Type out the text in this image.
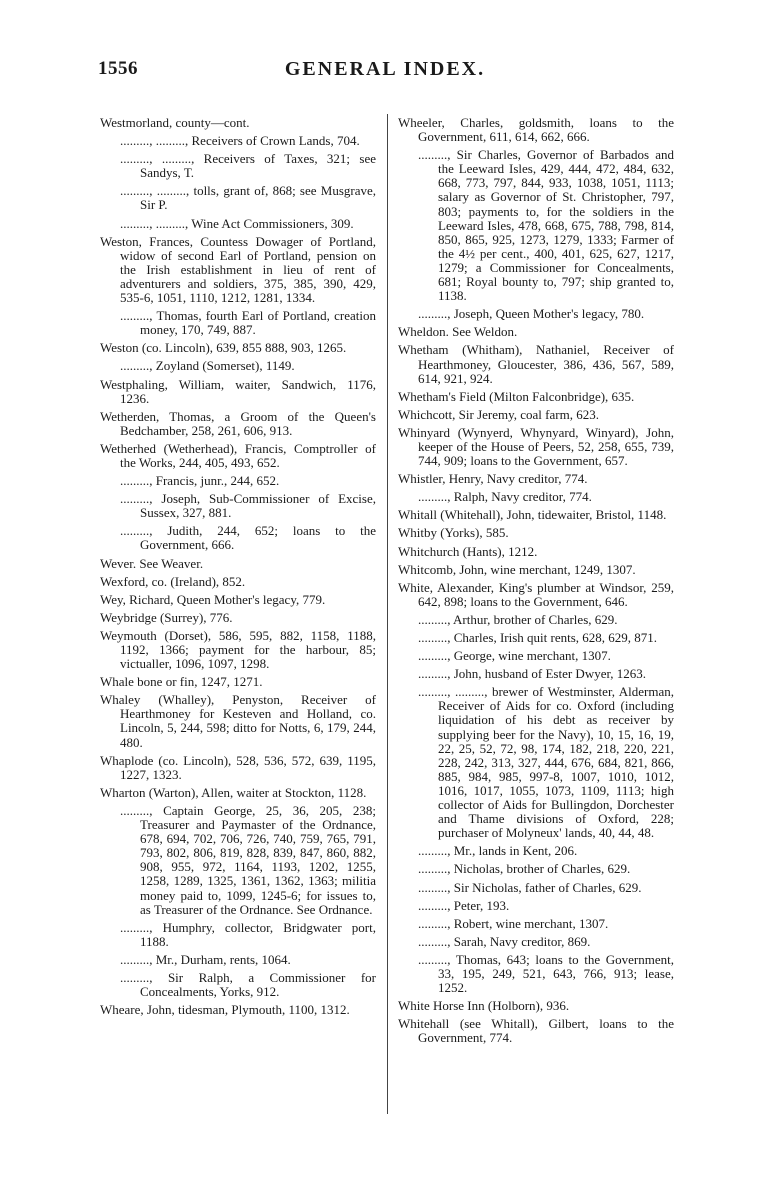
GENERAL INDEX.
1556

Westmorland, county—cont.

........., ........., Receivers of Crown Lands, 704.

........., ........., Receivers of Taxes, 321; see Sandys, T.

........., ........., tolls, grant of, 868; see Musgrave, Sir P.

........., ........., Wine Act Commissioners, 309.

Weston, Frances, Countess Dowager of Portland, widow of second Earl of Portland, pension on the Irish establishment in lieu of rent of adventurers and soldiers, 375, 385, 390, 429, 535-6, 1051, 1110, 1212, 1281, 1334.

........., Thomas, fourth Earl of Portland, creation money, 170, 749, 887.

Weston (co. Lincoln), 639, 855 888, 903, 1265.

........., Zoyland (Somerset), 1149.

Westphaling, William, waiter, Sandwich, 1176, 1236.

Wetherden, Thomas, a Groom of the Queen's Bedchamber, 258, 261, 606, 913.

Wetherhed (Wetherhead), Francis, Comptroller of the Works, 244, 405, 493, 652.

........., Francis, junr., 244, 652.

........., Joseph, Sub-Commissioner of Excise, Sussex, 327, 881.

........., Judith, 244, 652; loans to the Government, 666.

Wever. See Weaver.

Wexford, co. (Ireland), 852.

Wey, Richard, Queen Mother's legacy, 779.

Weybridge (Surrey), 776.

Weymouth (Dorset), 586, 595, 882, 1158, 1188, 1192, 1366; payment for the harbour, 85; victualler, 1096, 1097, 1298.

Whale bone or fin, 1247, 1271.

Whaley (Whalley), Penyston, Receiver of Hearthmoney for Kesteven and Holland, co. Lincoln, 5, 244, 598; ditto for Notts, 6, 179, 244, 480.

Whaplode (co. Lincoln), 528, 536, 572, 639, 1195, 1227, 1323.

Wharton (Warton), Allen, waiter at Stockton, 1128.

........., Captain George, 25, 36, 205, 238; Treasurer and Paymaster of the Ordnance, 678, 694, 702, 706, 726, 740, 759, 765, 791, 793, 802, 806, 819, 828, 839, 847, 860, 882, 908, 955, 972, 1164, 1193, 1202, 1255, 1258, 1289, 1325, 1361, 1362, 1363; militia money paid to, 1099, 1245-6; for issues to, as Treasurer of the Ordnance. See Ordnance.

........., Humphry, collector, Bridgwater port, 1188.

........., Mr., Durham, rents, 1064.

........., Sir Ralph, a Commissioner for Concealments, Yorks, 912.

Wheare, John, tidesman, Plymouth, 1100, 1312.

Wheeler, Charles, goldsmith, loans to the Government, 611, 614, 662, 666.

........., Sir Charles, Governor of Barbados and the Leeward Isles, 429, 444, 472, 484, 632, 668, 773, 797, 844, 933, 1038, 1051, 1113; salary as Governor of St. Christopher, 797, 803; payments to, for the soldiers in the Leeward Isles, 478, 668, 675, 788, 798, 814, 850, 865, 925, 1273, 1279, 1333; Farmer of the 4½ per cent., 400, 401, 625, 627, 1217, 1279; a Commissioner for Concealments, 681; Royal bounty to, 797; ship granted to, 1138.

........., Joseph, Queen Mother's legacy, 780.

Wheldon. See Weldon.

Whetham (Whitham), Nathaniel, Receiver of Hearthmoney, Gloucester, 386, 436, 567, 589, 614, 921, 924.

Whetham's Field (Milton Falconbridge), 635.

Whichcott, Sir Jeremy, coal farm, 623.

Whinyard (Wynyerd, Whynyard, Winyard), John, keeper of the House of Peers, 52, 258, 655, 739, 744, 909; loans to the Government, 657.

Whistler, Henry, Navy creditor, 774.

........., Ralph, Navy creditor, 774.

Whitall (Whitehall), John, tidewaiter, Bristol, 1148.

Whitby (Yorks), 585.

Whitchurch (Hants), 1212.

Whitcomb, John, wine merchant, 1249, 1307.

White, Alexander, King's plumber at Windsor, 259, 642, 898; loans to the Government, 646.

........., Arthur, brother of Charles, 629.

........., Charles, Irish quit rents, 628, 629, 871.

........., George, wine merchant, 1307.

........., John, husband of Ester Dwyer, 1263.

........., ........., brewer of Westminster, Alderman, Receiver of Aids for co. Oxford (including liquidation of his debt as receiver by supplying beer for the Navy), 10, 15, 16, 19, 22, 25, 52, 72, 98, 174, 182, 218, 220, 221, 228, 242, 313, 327, 444, 676, 684, 821, 866, 885, 984, 985, 997-8, 1007, 1010, 1012, 1016, 1017, 1055, 1073, 1109, 1113; high collector of Aids for Bullingdon, Dorchester and Thame divisions of Oxford, 228; purchaser of Molyneux' lands, 40, 44, 48.

........., Mr., lands in Kent, 206.

........., Nicholas, brother of Charles, 629.

........., Sir Nicholas, father of Charles, 629.

........., Peter, 193.

........., Robert, wine merchant, 1307.

........., Sarah, Navy creditor, 869.

........., Thomas, 643; loans to the Government, 33, 195, 249, 521, 643, 766, 913; lease, 1252.

White Horse Inn (Holborn), 936.

Whitehall (see Whitall), Gilbert, loans to the Government, 774.
